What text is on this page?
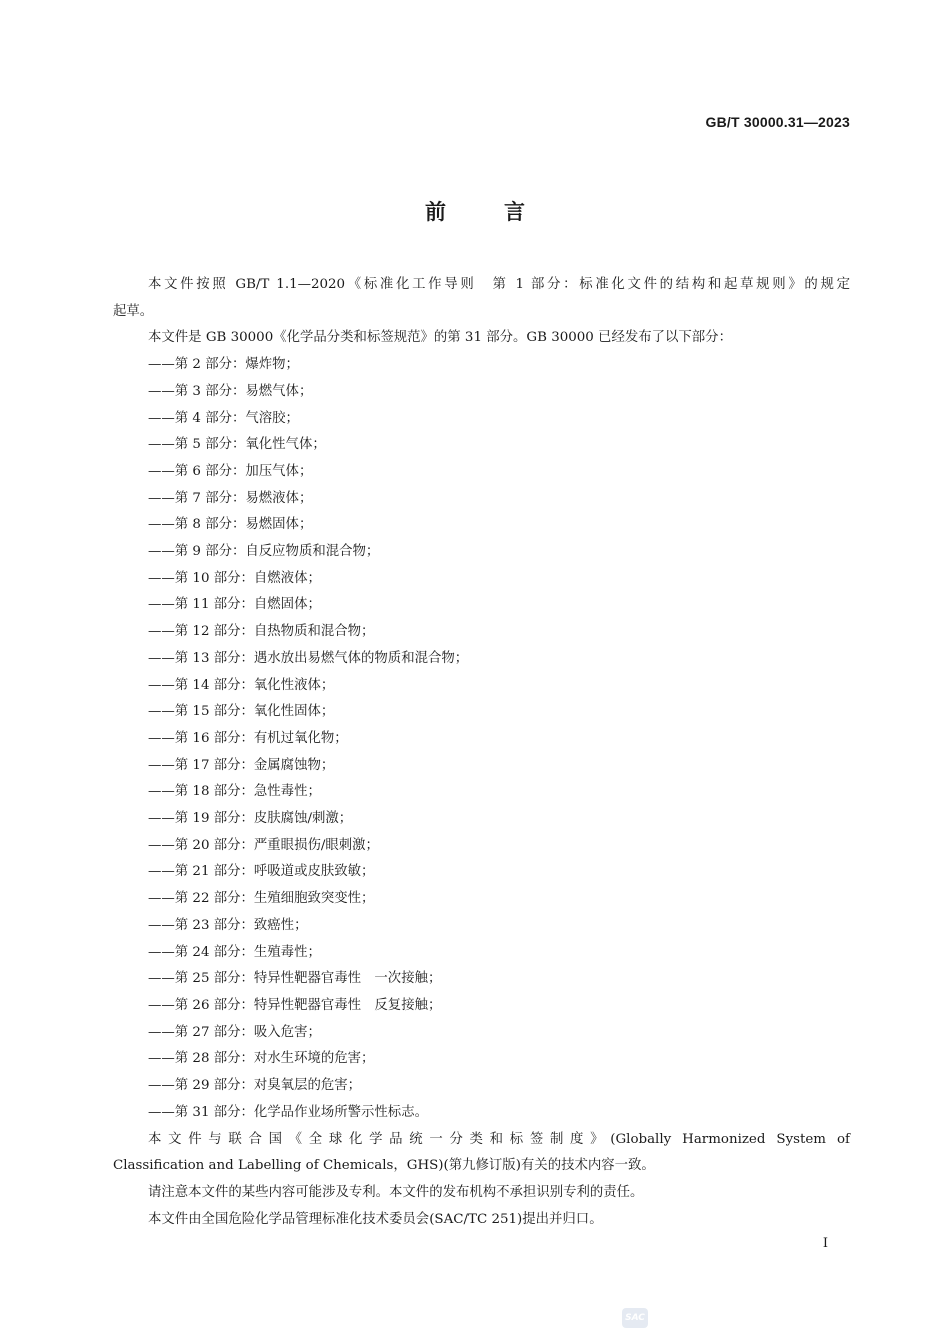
GB/T 30000.31—2023
前言

本文件按照 GB/T 1.1—2020《标准化工作导则　第 1 部分：标准化文件的结构和起草规则》的规定

起草。

本文件是 GB 30000《化学品分类和标签规范》的第 31 部分。GB 30000 已经发布了以下部分：

——第 2 部分：爆炸物；
——第 3 部分：易燃气体；
——第 4 部分：气溶胶；
——第 5 部分：氧化性气体；
——第 6 部分：加压气体；
——第 7 部分：易燃液体；
——第 8 部分：易燃固体；
——第 9 部分：自反应物质和混合物；
——第 10 部分：自燃液体；
——第 11 部分：自燃固体；
——第 12 部分：自热物质和混合物；
——第 13 部分：遇水放出易燃气体的物质和混合物；
——第 14 部分：氧化性液体；
——第 15 部分：氧化性固体；
——第 16 部分：有机过氧化物；
——第 17 部分：金属腐蚀物；
——第 18 部分：急性毒性；
——第 19 部分：皮肤腐蚀/刺激；
——第 20 部分：严重眼损伤/眼刺激；
——第 21 部分：呼吸道或皮肤致敏；
——第 22 部分：生殖细胞致突变性；
——第 23 部分：致癌性；
——第 24 部分：生殖毒性；
——第 25 部分：特异性靶器官毒性　一次接触；
——第 26 部分：特异性靶器官毒性　反复接触；
——第 27 部分：吸入危害；
——第 28 部分：对水生环境的危害；
——第 29 部分：对臭氧层的危害；
——第 31 部分：化学品作业场所警示性标志。

本文件与联合国《全球化学品统一分类和标签制度》(Globally Harmonized System of

Classification and Labelling of Chemicals，GHS)(第九修订版)有关的技术内容一致。

请注意本文件的某些内容可能涉及专利。本文件的发布机构不承担识别专利的责任。

本文件由全国危险化学品管理标准化技术委员会(SAC/TC 251)提出并归口。

I
SAC
